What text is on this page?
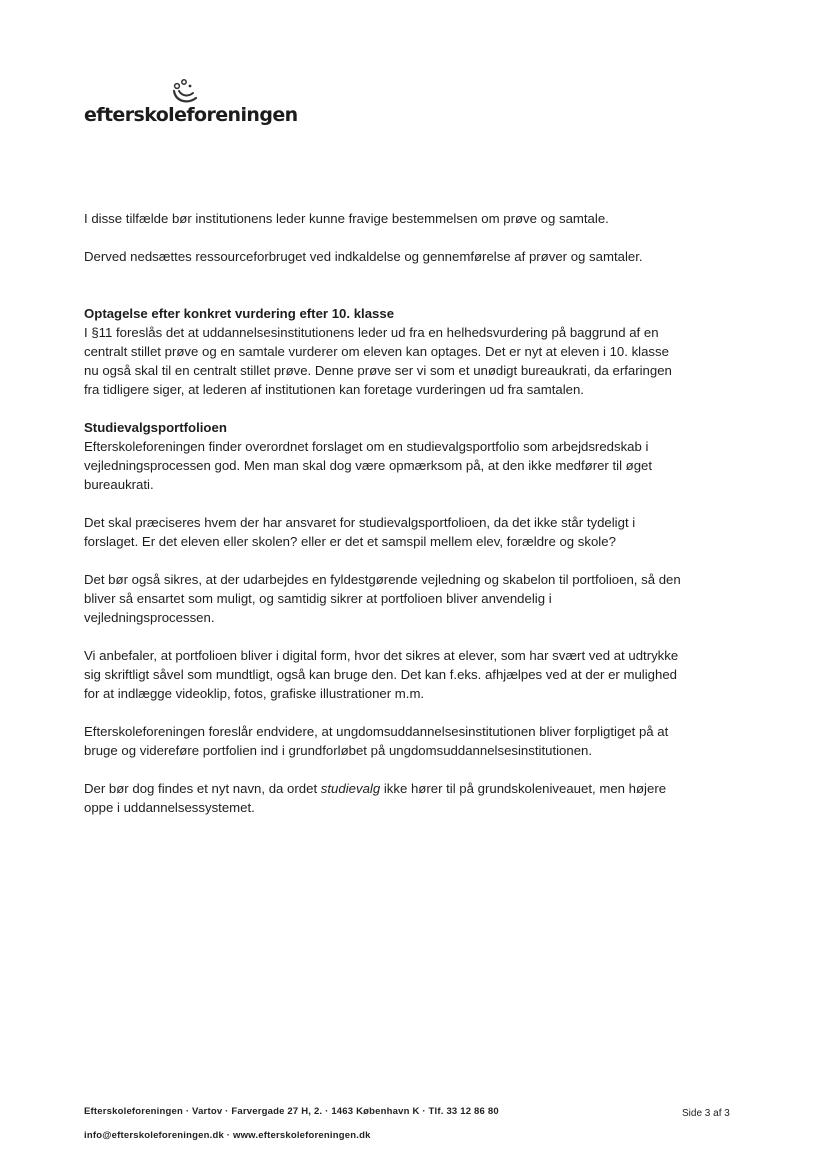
efterskoleforeningen

I disse tilfælde bør institutionens leder kunne fravige bestemmelsen om prøve og samtale.

Derved nedsættes ressourceforbruget ved indkaldelse og gennemførelse af prøver og samtaler.

Optagelse efter konkret vurdering efter 10. klasse

I §11 foreslås det at uddannelsesinstitutionens leder ud fra en helhedsvurdering på baggrund af en centralt stillet prøve og en samtale vurderer om eleven kan optages. Det er nyt at eleven i 10. klasse nu også skal til en centralt stillet prøve. Denne prøve ser vi som et unødigt bureaukrati, da erfaringen fra tidligere siger, at lederen af institutionen kan foretage vurderingen ud fra samtalen.

Studievalgsportfolioen

Efterskoleforeningen finder overordnet forslaget om en studievalgsportfolio som arbejdsredskab i vejledningsprocessen god. Men man skal dog være opmærksom på, at den ikke medfører til øget bureaukrati.

Det skal præciseres hvem der har ansvaret for studievalgsportfolioen, da det ikke står tydeligt i forslaget. Er det eleven eller skolen? eller er det et samspil mellem elev, forældre og skole?

Det bør også sikres, at der udarbejdes en fyldestgørende vejledning og skabelon til portfolioen, så den bliver så ensartet som muligt, og samtidig sikrer at portfolioen bliver anvendelig i vejledningsprocessen.

Vi anbefaler, at portfolioen bliver i digital form, hvor det sikres at elever, som har svært ved at udtrykke sig skriftligt såvel som mundtligt, også kan bruge den. Det kan f.eks. afhjælpes ved at der er mulighed for at indlægge videoklip, fotos, grafiske illustrationer m.m.

Efterskoleforeningen foreslår endvidere, at ungdomsuddannelsesinstitutionen bliver forpligtiget på at bruge og videreføre portfolien ind i grundforløbet på ungdomsuddannelsesinstitutionen.

Der bør dog findes et nyt navn, da ordet studievalg ikke hører til på grundskoleniveauet, men højere oppe i uddannelsessystemet.

Efterskoleforeningen · Vartov · Farvergade 27 H, 2. · 1463 København K · Tlf. 33 12 86 80
info@efterskoleforeningen.dk · www.efterskoleforeningen.dk
Side 3 af 3
